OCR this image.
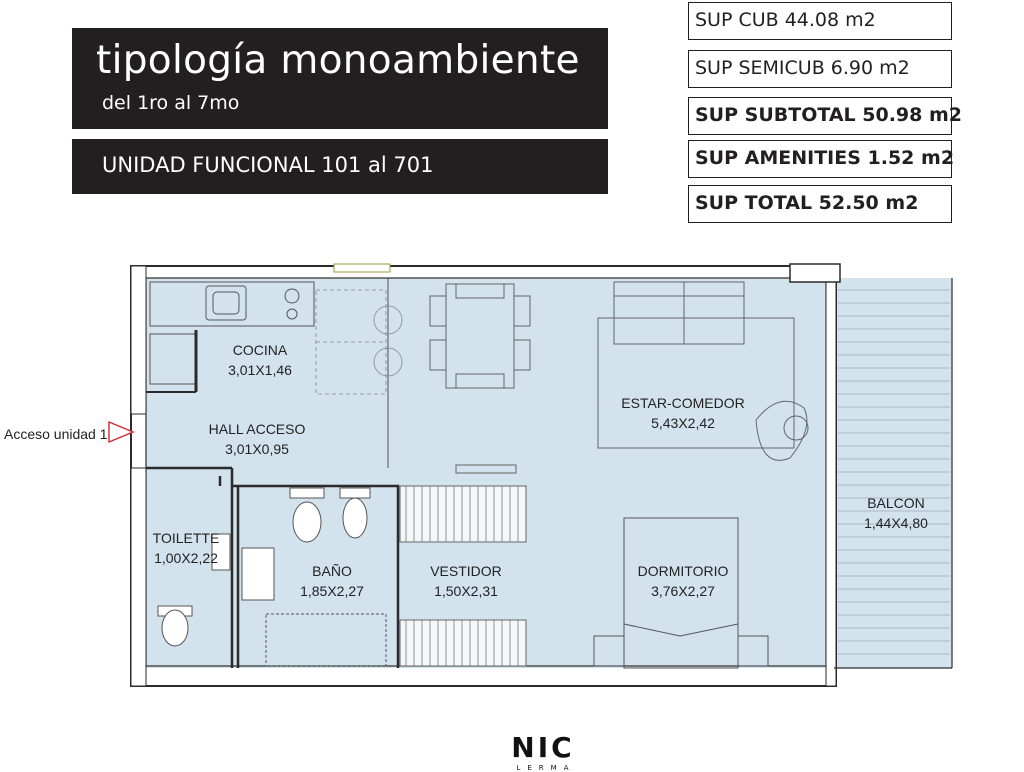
tipología monoambiente
del 1ro al 7mo
UNIDAD FUNCIONAL 101 al 701
SUP CUB 44.08 m2
SUP SEMICUB 6.90 m2
SUP SUBTOTAL 50.98 m2
SUP AMENITIES 1.52 m2
SUP TOTAL 52.50 m2
Acceso unidad 1
COCINA
3,01X1,46
HALL ACCESO
3,01X0,95
ESTAR-COMEDOR
5,43X2,42
BALCON
1,44X4,80
TOILETTE
1,00X2,22
BAÑO
1,85X2,27
VESTIDOR
1,50X2,31
DORMITORIO
3,76X2,27
NIC
LERMA
